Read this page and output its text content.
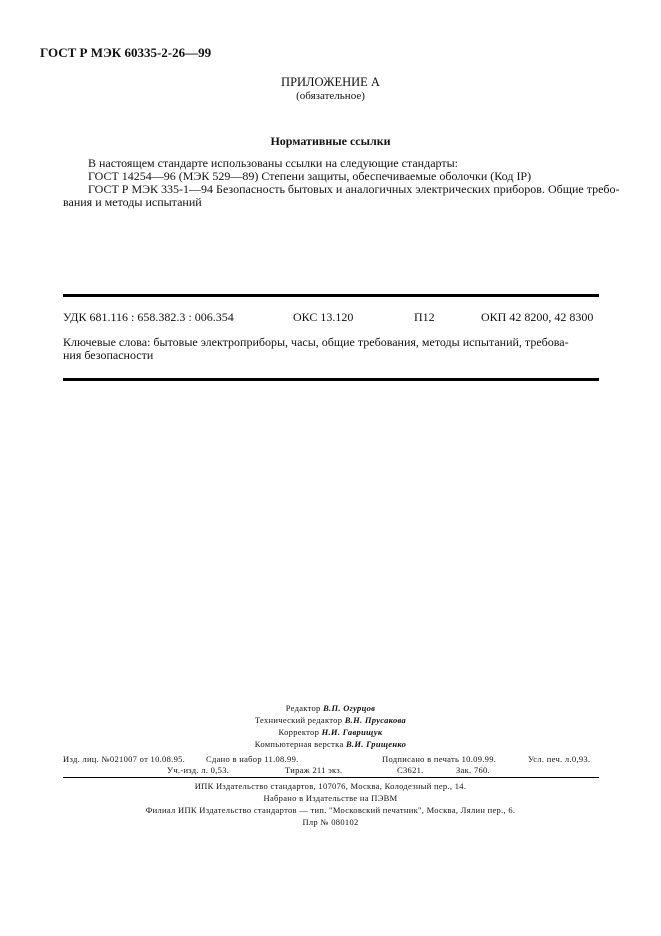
ГОСТ Р МЭК 60335-2-26—99
ПРИЛОЖЕНИЕ А
(обязательное)
Нормативные ссылки
В настоящем стандарте использованы ссылки на следующие стандарты:
ГОСТ 14254—96 (МЭК 529—89) Степени защиты, обеспечиваемые оболочки (Код IP)
ГОСТ Р МЭК 335-1—94 Безопасность бытовых и аналогичных электрических приборов. Общие требо-
вания и методы испытаний
УДК 681.116 : 658.382.3 : 006.354	ОКС 13.120	П12	ОКП 42 8200, 42 8300
Ключевые слова: бытовые электроприборы, часы, общие требования, методы испытаний, требова-
ния безопасности
Редактор В.П. Огурцов
Технический редактор В.Н. Прусакова
Корректор Н.И. Гаврищук
Компьютерная верстка В.И. Грищенко
Изд. лиц. №021007 от 10.08.95. Сдано в набор 11.08.99.	Подписано в печать 10.09.99.	Усл. печ. л.0,93.
Уч.-изд. л. 0,53.	Тираж 211 экз.	С3621.	Зак. 760.
ИПК Издательство стандартов, 107076, Москва, Колодезный пер., 14.
Набрано в Издательстве на ПЭВМ
Филиал ИПК Издательство стандартов — тип. "Московский печатник", Москва, Лялин пер., 6.
Плр № 080102
